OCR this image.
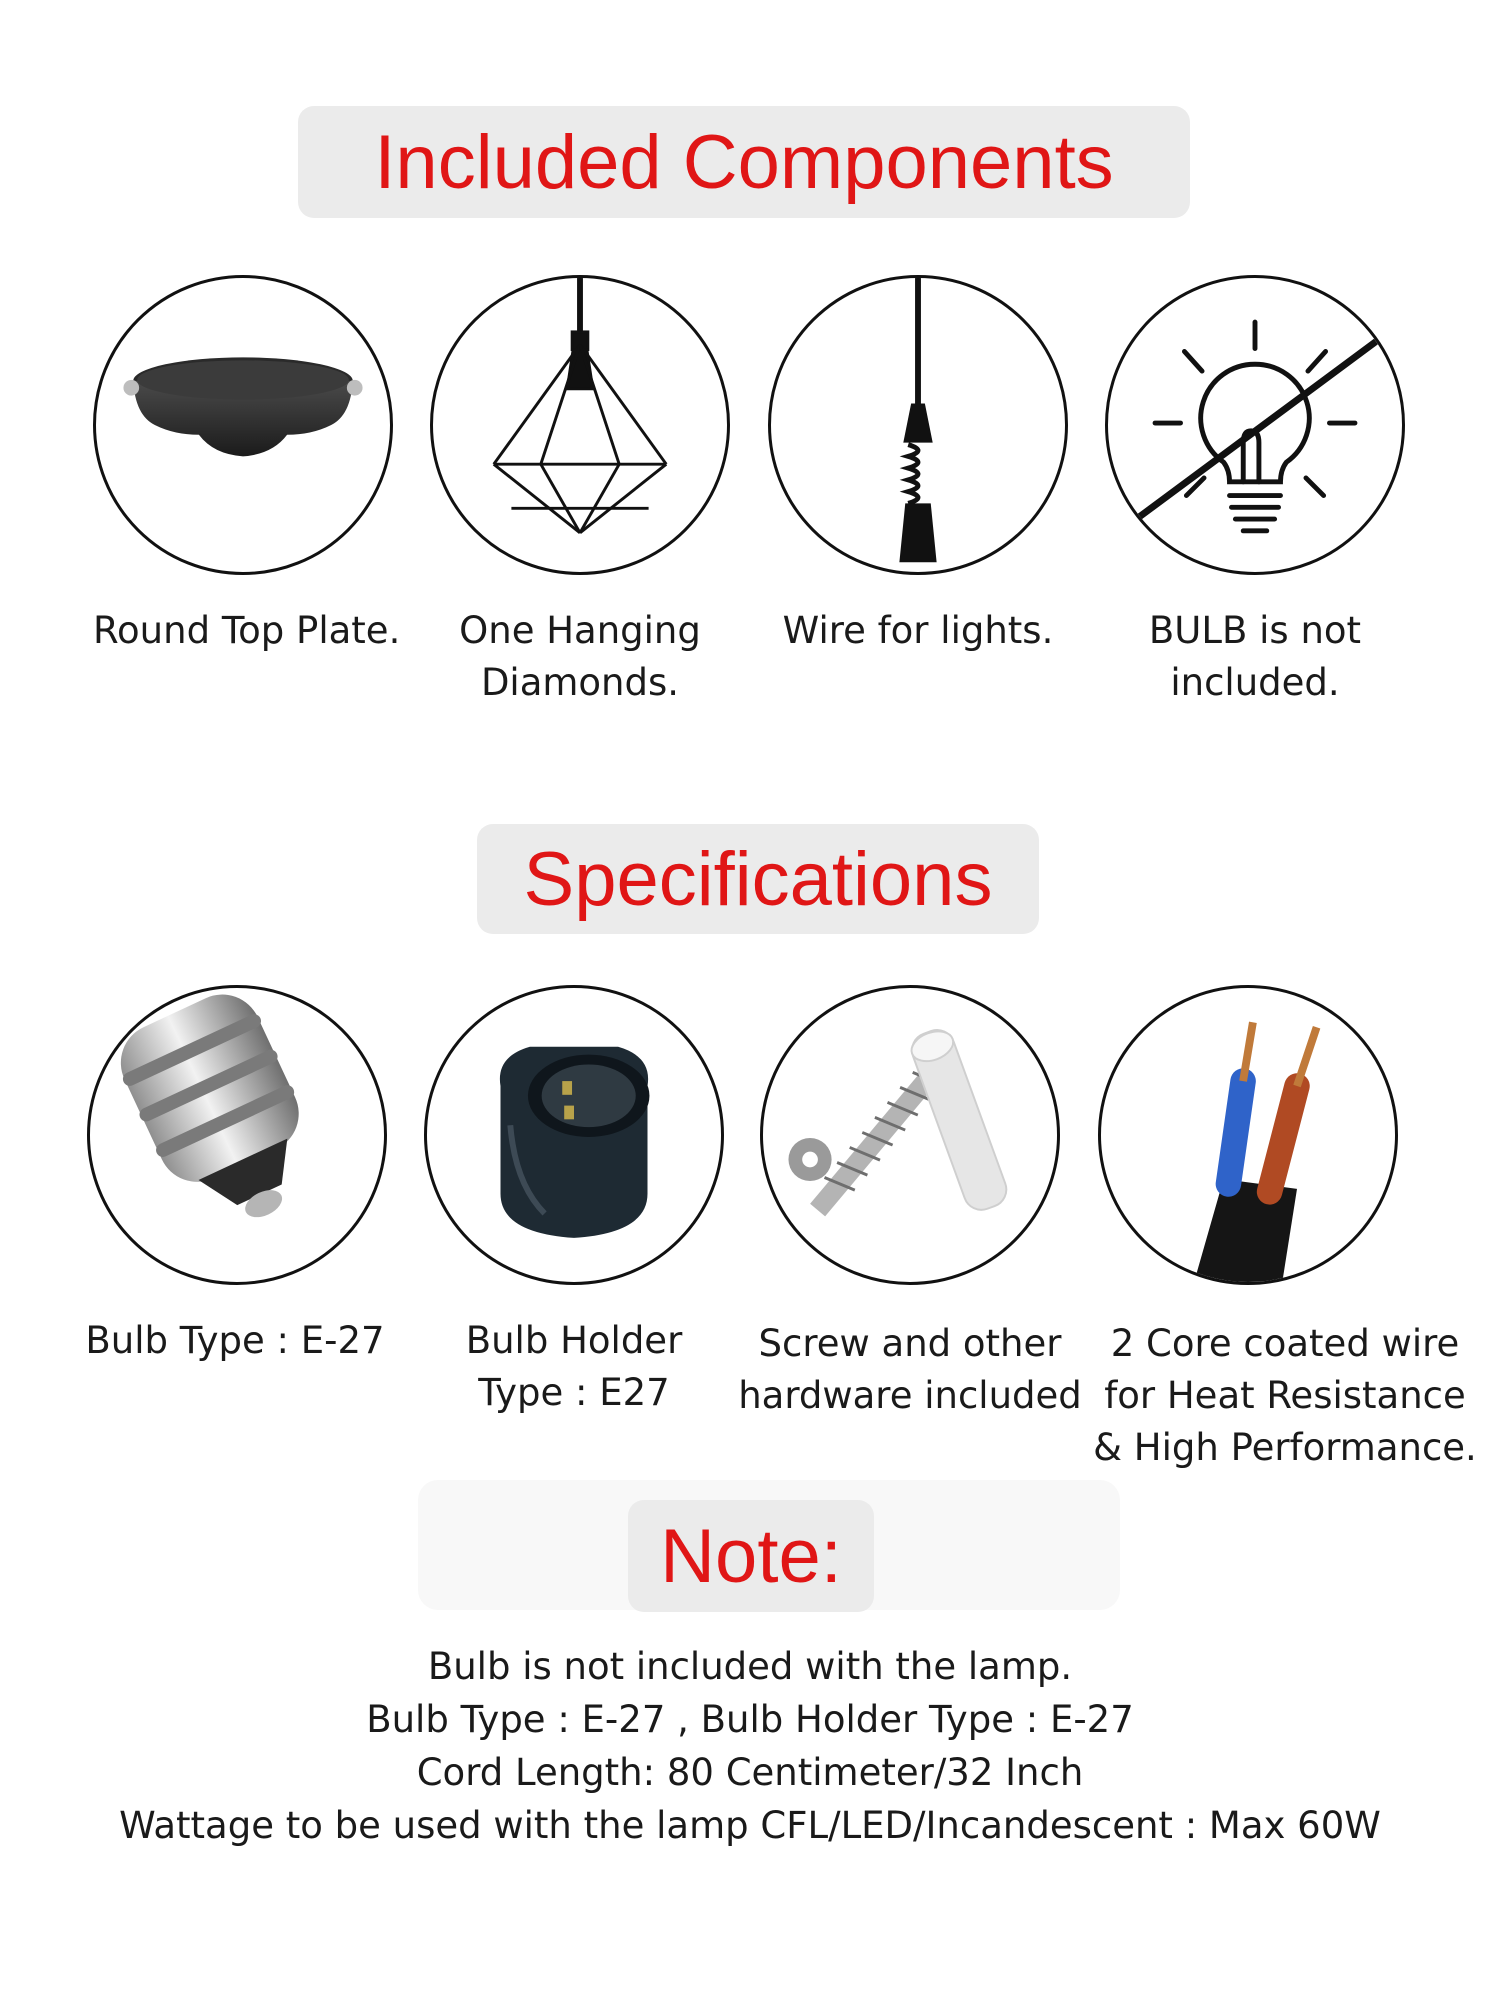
Included Components
Round Top Plate.	One Hanging
Diamonds.
Wire for lights.	BULB is not
included.
Specifications
Bulb Type : E-27	Bulb Holder
Type : E27
Screw and other
hardware included
2 Core coated wire
for Heat Resistance
& High Performance.
Note:
Bulb is not included with the lamp.
Bulb Type : E-27 , Bulb Holder Type : E-27
Cord Length: 80 Centimeter/32 Inch
Wattage to be used with the lamp CFL/LED/Incandescent : Max 60W
